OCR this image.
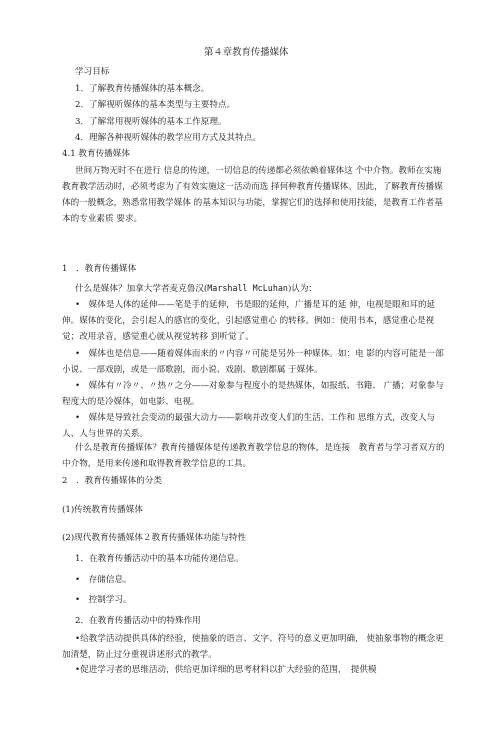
第４章教育传播媒体
学习目标
1．了解教育传播媒体的基本概念。
2．了解视听媒体的基本类型与主要特点。
3．了解常用视听媒体的基本工作原理。
4．理解各种视听媒体的教学应用方式及其特点。
4.1 教育传播媒体
世间万物无时不在进行 信息的传递，一切信息的传递都必须依赖着媒体这 个中介物。教师在实施教育教学活动时，必须考虑为了有效实施这一活动而选 择何种教育传播媒体。因此，了解教育传播媒体的一般概念，熟悉常用教学媒体 的基本知识与功能，掌握它们的选择和使用技能，是教育工作者基本的专业素质 要求。
1　．教育传播媒体
什么是媒体？加拿大学者麦克鲁汉(Marshall McLuhan)认为：
•　媒体是人体的延伸——笔是手的延伸，书是眼的延伸，广播是耳的延 伸，电视是眼和耳的延伸。媒体的变化，会引起人的感官的变化，引起感觉重心 的转移。例如：使用书本，感觉重心是视觉；改用录音，感觉重心就从视觉转移 到听觉了。
•　媒体也是信息——随着媒体而来的〃内容〃可能是另外一种媒体。如：电 影的内容可能是一部小说、一部戏剧，或是一部歌剧，而小说、戏剧、歌剧都属 于媒体。
•　媒体有〃冷〃、〃热〃之分——对象参与程度小的是热媒体，如报纸、书籍、 广播；对象参与程度大的是冷媒体，如电影、电视。
•　媒体是导致社会变动的最强大动力——影响并改变人们的生活、工作和 思维方式，改变人与人、人与世界的关系。
什么是教育传播媒体？教育传播媒体是传递教育教学信息的物体，是连接　教育者与学习者双方的中介物，是用来传递和取得教育教学信息的工具。
2　．教育传播媒体的分类
(1)传统教育传播媒体
(2)现代教育传播媒体２教育传播媒体功能与特性
1．在教育传播活动中的基本功能传递信息。
•　存储信息。
•　控制学习。
2．在教育传播活动中的特殊作用
•给教学活动提供具体的经验，使抽象的语言、文字、符号的意义更加明确， 使抽象事物的概念更加清楚，防止过分重视讲述形式的教学。
•促进学习者的思维活动，供给更加详细的思考材料以扩大经验的范围，　提供模
